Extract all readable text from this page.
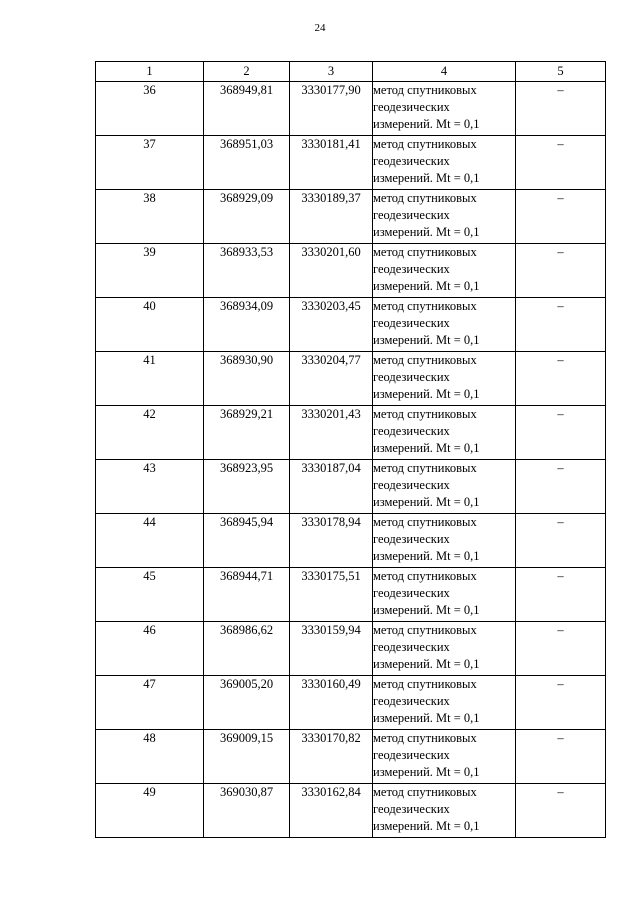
24
1	2	3	4	5
36	368949,81	3330177,90	метод спутниковых
геодезических
измерений. Mt = 0,1	–
37	368951,03	3330181,41	метод спутниковых
геодезических
измерений. Mt = 0,1	–
38	368929,09	3330189,37	метод спутниковых
геодезических
измерений. Mt = 0,1	–
39	368933,53	3330201,60	метод спутниковых
геодезических
измерений. Mt = 0,1	–
40	368934,09	3330203,45	метод спутниковых
геодезических
измерений. Mt = 0,1	–
41	368930,90	3330204,77	метод спутниковых
геодезических
измерений. Mt = 0,1	–
42	368929,21	3330201,43	метод спутниковых
геодезических
измерений. Mt = 0,1	–
43	368923,95	3330187,04	метод спутниковых
геодезических
измерений. Mt = 0,1	–
44	368945,94	3330178,94	метод спутниковых
геодезических
измерений. Mt = 0,1	–
45	368944,71	3330175,51	метод спутниковых
геодезических
измерений. Mt = 0,1	–
46	368986,62	3330159,94	метод спутниковых
геодезических
измерений. Mt = 0,1	–
47	369005,20	3330160,49	метод спутниковых
геодезических
измерений. Mt = 0,1	–
48	369009,15	3330170,82	метод спутниковых
геодезических
измерений. Mt = 0,1	–
49	369030,87	3330162,84	метод спутниковых
геодезических
измерений. Mt = 0,1	–
